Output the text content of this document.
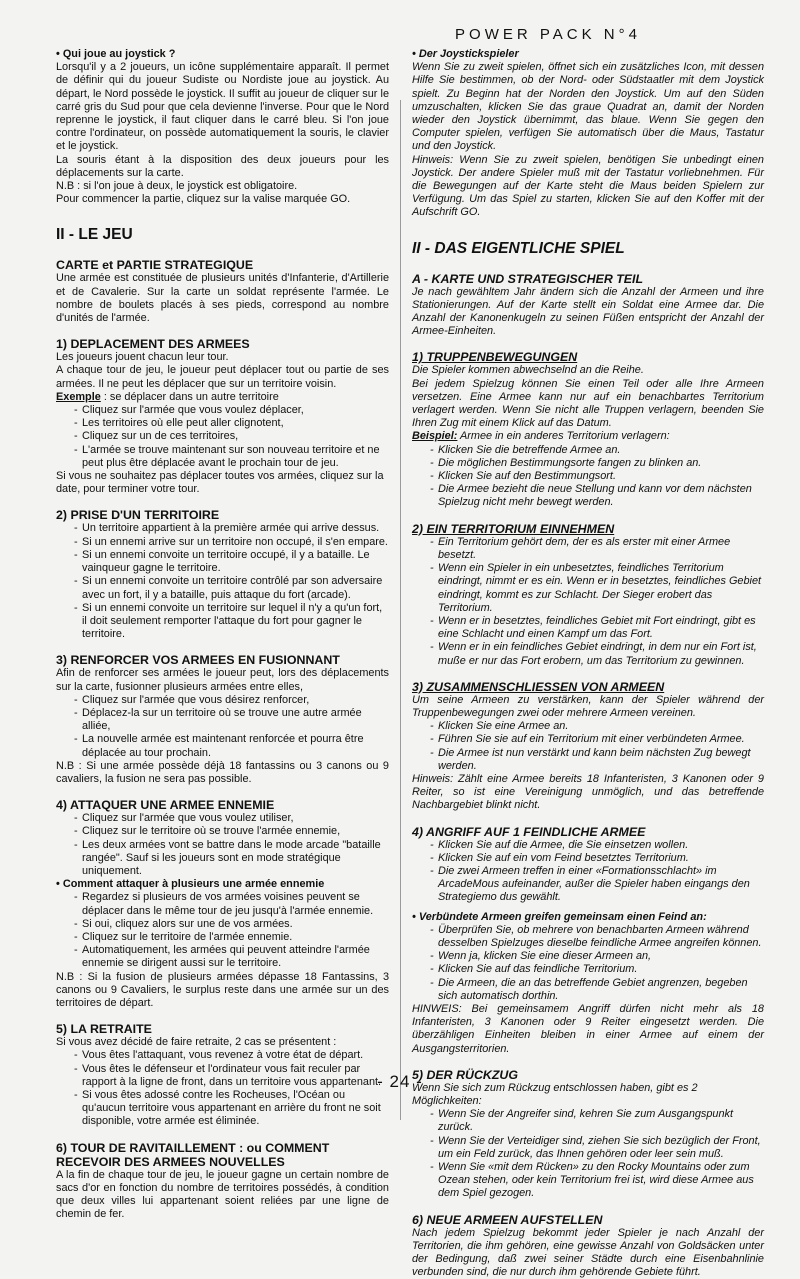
POWER PACK N°4

• Qui joue au joystick ?

Lorsqu'il y a 2 joueurs, un icône supplémentaire apparaît. Il permet de définir qui du joueur Sudiste ou Nordiste joue au joystick. Au départ, le Nord possède le joystick. Il suffit au joueur de cliquer sur le carré gris du Sud pour que cela devienne l'inverse. Pour que le Nord reprenne le joystick, il faut cliquer dans le carré bleu. Si l'on joue contre l'ordinateur, on possède automatiquement la souris, le clavier et le joystick.

La souris étant à la disposition des deux joueurs pour les déplacements sur la carte.

N.B : si l'on joue à deux, le joystick est obligatoire.

Pour commencer la partie, cliquez sur la valise marquée GO.

II - LE JEU

CARTE et PARTIE STRATEGIQUE

Une armée est constituée de plusieurs unités d'Infanterie, d'Artillerie et de Cavalerie. Sur la carte un soldat représente l'armée. Le nombre de boulets placés à ses pieds, correspond au nombre d'unités de l'armée.

1) DEPLACEMENT DES ARMEES

Les joueurs jouent chacun leur tour.

A chaque tour de jeu, le joueur peut déplacer tout ou partie de ses armées. Il ne peut les déplacer que sur un territoire voisin.

Exemple : se déplacer dans un autre territoire

- Cliquez sur l'armée que vous voulez déplacer,
- Les territoires où elle peut aller clignotent,
- Cliquez sur un de ces territoires,
- L'armée se trouve maintenant sur son nouveau territoire et ne peut plus être déplacée avant le prochain tour de jeu.

Si vous ne souhaitez pas déplacer toutes vos armées, cliquez sur la date, pour terminer votre tour.

2) PRISE D'UN TERRITOIRE

- Un territoire appartient à la première armée qui arrive dessus.
- Si un ennemi arrive sur un territoire non occupé, il s'en empare.
- Si un ennemi convoite un territoire occupé, il y a bataille. Le vainqueur gagne le territoire.
- Si un ennemi convoite un territoire contrôlé par son adversaire avec un fort, il y a bataille, puis attaque du fort (arcade).
- Si un ennemi convoite un territoire sur lequel il n'y a qu'un fort, il doit seulement remporter l'attaque du fort pour gagner le territoire.

3) RENFORCER VOS ARMEES EN FUSIONNANT

Afin de renforcer ses armées le joueur peut, lors des déplacements sur la carte, fusionner plusieurs armées entre elles,

- Cliquez sur l'armée que vous désirez renforcer,
- Déplacez-la sur un territoire où se trouve une autre armée alliée,
- La nouvelle armée est maintenant renforcée et pourra être déplacée au tour prochain.

N.B : Si une armée possède déjà 18 fantassins ou 3 canons ou 9 cavaliers, la fusion ne sera pas possible.

4) ATTAQUER UNE ARMEE ENNEMIE

- Cliquez sur l'armée que vous voulez utiliser,
- Cliquez sur le territoire où se trouve l'armée ennemie,
- Les deux armées vont se battre dans le mode arcade "bataille rangée". Sauf si les joueurs sont en mode stratégique uniquement.

• Comment attaquer à plusieurs une armée ennemie

- Regardez si plusieurs de vos armées voisines peuvent se déplacer dans le même tour de jeu jusqu'à l'armée ennemie.
- Si oui, cliquez alors sur une de vos armées.
- Cliquez sur le territoire de l'armée ennemie.
- Automatiquement, les armées qui peuvent atteindre l'armée ennemie se dirigent aussi sur le territoire.

N.B : Si la fusion de plusieurs armées dépasse 18 Fantassins, 3 canons ou 9 Cavaliers, le surplus reste dans une armée sur un des territoires de départ.

5) LA RETRAITE

Si vous avez décidé de faire retraite, 2 cas se présentent :

- Vous êtes l'attaquant, vous revenez à votre état de départ.
- Vous êtes le défenseur et l'ordinateur vous fait reculer par rapport à la ligne de front, dans un territoire vous appartenant.
- Si vous êtes adossé contre les Rocheuses, l'Océan ou qu'aucun territoire vous appartenant en arrière du front ne soit disponible, votre armée est éliminée.

6) TOUR DE RAVITAILLEMENT : ou COMMENT RECEVOIR DES ARMEES NOUVELLES

A la fin de chaque tour de jeu, le joueur gagne un certain nombre de sacs d'or en fonction du nombre de territoires possédés, à condition que deux villes lui appartenant soient reliées par une ligne de chemin de fer.

• Der Joystickspieler

Wenn Sie zu zweit spielen, öffnet sich ein zusätzliches Icon, mit dessen Hilfe Sie bestimmen, ob der Nord- oder Südstaatler mit dem Joystick spielt. Zu Beginn hat der Norden den Joystick. Um auf den Süden umzuschalten, klicken Sie das graue Quadrat an, damit der Norden wieder den Joystick übernimmt, das blaue. Wenn Sie gegen den Computer spielen, verfügen Sie automatisch über die Maus, Tastatur und den Joystick.

Hinweis: Wenn Sie zu zweit spielen, benötigen Sie unbedingt einen Joystick. Der andere Spieler muß mit der Tastatur vorliebnehmen. Für die Bewegungen auf der Karte steht die Maus beiden Spielern zur Verfügung. Um das Spiel zu starten, klicken Sie auf den Koffer mit der Aufschrift GO.

II - DAS EIGENTLICHE SPIEL

A - KARTE UND STRATEGISCHER TEIL

Je nach gewähltem Jahr ändern sich die Anzahl der Armeen und ihre Stationierungen. Auf der Karte stellt ein Soldat eine Armee dar. Die Anzahl der Kanonenkugeln zu seinen Füßen entspricht der Anzahl der Armee-Einheiten.

1) TRUPPENBEWEGUNGEN

Die Spieler kommen abwechselnd an die Reihe.

Bei jedem Spielzug können Sie einen Teil oder alle Ihre Armeen versetzen. Eine Armee kann nur auf ein benachbartes Territorium verlagert werden. Wenn Sie nicht alle Truppen verlagern, beenden Sie Ihren Zug mit einem Klick auf das Datum.

Beispiel: Armee in ein anderes Territorium verlagern:

- Klicken Sie die betreffende Armee an.
- Die möglichen Bestimmungsorte fangen zu blinken an.
- Klicken Sie auf den Bestimmungsort.
- Die Armee bezieht die neue Stellung und kann vor dem nächsten Spielzug nicht mehr bewegt werden.

2) EIN TERRITORIUM EINNEHMEN

- Ein Territorium gehört dem, der es als erster mit einer Armee besetzt.
- Wenn ein Spieler in ein unbesetztes, feindliches Territorium eindringt, nimmt er es ein. Wenn er in besetztes, feindliches Gebiet eindringt, kommt es zur Schlacht. Der Sieger erobert das Territorium.
- Wenn er in besetztes, feindliches Gebiet mit Fort eindringt, gibt es eine Schlacht und einen Kampf um das Fort.
- Wenn er in ein feindliches Gebiet eindringt, in dem nur ein Fort ist, muße er nur das Fort erobern, um das Territorium zu gewinnen.

3) ZUSAMMENSCHLIESSEN VON ARMEEN

Um seine Armeen zu verstärken, kann der Spieler während der Truppenbewegungen zwei oder mehrere Armeen vereinen.

- Klicken Sie eine Armee an.
- Führen Sie sie auf ein Territorium mit einer verbündeten Armee.
- Die Armee ist nun verstärkt und kann beim nächsten Zug bewegt werden.

Hinweis: Zählt eine Armee bereits 18 Infanteristen, 3 Kanonen oder 9 Reiter, so ist eine Vereinigung unmöglich, und das betreffende Nachbargebiet blinkt nicht.

4) ANGRIFF AUF 1 FEINDLICHE ARMEE

- Klicken Sie auf die Armee, die Sie einsetzen wollen.
- Klicken Sie auf ein vom Feind besetztes Territorium.
- Die zwei Armeen treffen in einer «Formationsschlacht» im ArcadeMous aufeinander, außer die Spieler haben eingangs den Strategiemo dus gewählt.

• Verbündete Armeen greifen gemeinsam einen Feind an:

- Überprüfen Sie, ob mehrere von benachbarten Armeen während desselben Spielzuges dieselbe feindliche Armee angreifen können.
- Wenn ja, klicken Sie eine dieser Armeen an,
- Klicken Sie auf das feindliche Territorium.
- Die Armeen, die an das betreffende Gebiet angrenzen, begeben sich automatisch dorthin.

HINWEIS: Bei gemeinsamem Angriff dürfen nicht mehr als 18 Infanteristen, 3 Kanonen oder 9 Reiter eingesetzt werden. Die überzähligen Einheiten bleiben in einer Armee auf einem der Ausgangsterritorien.

5) DER RÜCKZUG

Wenn Sie sich zum Rückzug entschlossen haben, gibt es 2 Möglichkeiten:

- Wenn Sie der Angreifer sind, kehren Sie zum Ausgangspunkt zurück.
- Wenn Sie der Verteidiger sind, ziehen Sie sich bezüglich der Front, um ein Feld zurück, das Ihnen gehören oder leer sein muß.
- Wenn Sie «mit dem Rücken» zu den Rocky Mountains oder zum Ozean stehen, oder kein Territorium frei ist, wird diese Armee aus dem Spiel gezogen.

6) NEUE ARMEEN AUFSTELLEN

Nach jedem Spielzug bekommt jeder Spieler je nach Anzahl der Territorien, die ihm gehören, eine gewisse Anzahl von Goldsäcken unter der Bedingung, daß zwei seiner Städte durch eine Eisenbahnlinie verbunden sind, die nur durch ihm gehörende Gebiete führt.

- 24 -
